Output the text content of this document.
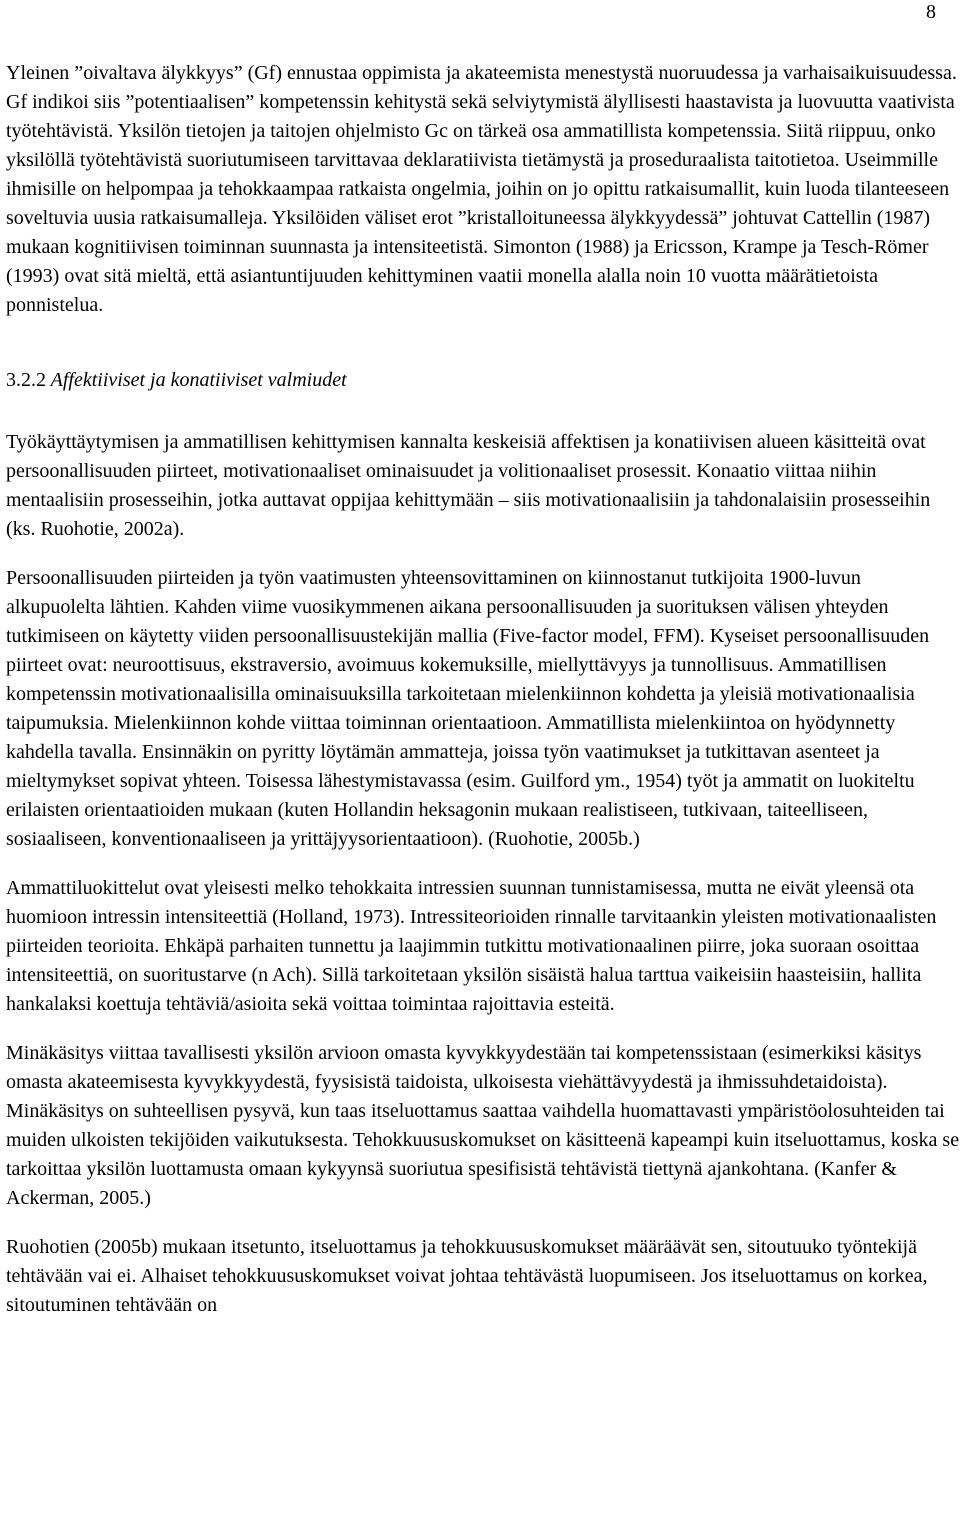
8

Yleinen ”oivaltava älykkyys” (Gf) ennustaa oppimista ja akateemista menestystä nuoruudessa ja varhaisaikuisuudessa. Gf indikoi siis ”potentiaalisen” kompetenssin kehitystä sekä selviytymistä älyllisesti haastavista ja luovuutta vaativista työtehtävistä. Yksilön tietojen ja taitojen ohjelmisto Gc on tärkeä osa ammatillista kompetenssia. Siitä riippuu, onko yksilöllä työtehtävistä suoriutumiseen tarvittavaa deklaratiivista tietämystä ja proseduraalista taitotietoa. Useimmille ihmisille on helpompaa ja tehokkaampaa ratkaista ongelmia, joihin on jo opittu ratkaisumallit, kuin luoda tilanteeseen soveltuvia uusia ratkaisumalleja. Yksilöiden väliset erot ”kristalloituneessa älykkyydessä” johtuvat Cattellin (1987) mukaan kognitiivisen toiminnan suunnasta ja intensiteetistä. Simonton (1988) ja Ericsson, Krampe ja Tesch-Römer (1993) ovat sitä mieltä, että asiantuntijuuden kehittyminen vaatii monella alalla noin 10 vuotta määrätietoista ponnistelua.

3.2.2 Affektiiviset ja konatiiviset valmiudet

Työkäyttäytymisen ja ammatillisen kehittymisen kannalta keskeisiä affektisen ja konatiivisen alueen käsitteitä ovat persoonallisuuden piirteet, motivationaaliset ominaisuudet ja volitionaaliset prosessit. Konaatio viittaa niihin mentaalisiin prosesseihin, jotka auttavat oppijaa kehittymään – siis motivationaalisiin ja tahdonalaisiin prosesseihin (ks. Ruohotie, 2002a).

Persoonallisuuden piirteiden ja työn vaatimusten yhteensovittaminen on kiinnostanut tutkijoita 1900-luvun alkupuolelta lähtien. Kahden viime vuosikymmenen aikana persoonallisuuden ja suorituksen välisen yhteyden tutkimiseen on käytetty viiden persoonallisuustekijän mallia (Five-factor model, FFM). Kyseiset persoonallisuuden piirteet ovat: neuroottisuus, ekstraversio, avoimuus kokemuksille, miellyttävyys ja tunnollisuus. Ammatillisen kompetenssin motivationaalisilla ominaisuuksilla tarkoitetaan mielenkiinnon kohdetta ja yleisiä motivationaalisia taipumuksia. Mielenkiinnon kohde viittaa toiminnan orientaatioon. Ammatillista mielenkiintoa on hyödynnetty kahdella tavalla. Ensinnäkin on pyritty löytämän ammatteja, joissa työn vaatimukset ja tutkittavan asenteet ja mieltymykset sopivat yhteen. Toisessa lähestymistavassa (esim. Guilford ym., 1954) työt ja ammatit on luokiteltu erilaisten orientaatioiden mukaan (kuten Hollandin heksagonin mukaan realistiseen, tutkivaan, taiteelliseen, sosiaaliseen, konventionaaliseen ja yrittäjyysorientaatioon). (Ruohotie, 2005b.)

Ammattiluokittelut ovat yleisesti melko tehokkaita intressien suunnan tunnistamisessa, mutta ne eivät yleensä ota huomioon intressin intensiteettiä (Holland, 1973). Intressiteorioiden rinnalle tarvitaankin yleisten motivationaalisten piirteiden teorioita. Ehkäpä parhaiten tunnettu ja laajimmin tutkittu motivationaalinen piirre, joka suoraan osoittaa intensiteettiä, on suoritustarve (n Ach). Sillä tarkoitetaan yksilön sisäistä halua tarttua vaikeisiin haasteisiin, hallita hankalaksi koettuja tehtäviä/asioita sekä voittaa toimintaa rajoittavia esteitä.

Minäkäsitys viittaa tavallisesti yksilön arvioon omasta kyvykkyydestään tai kompetenssistaan (esimerkiksi käsitys omasta akateemisesta kyvykkyydestä, fyysisistä taidoista, ulkoisesta viehättävyydestä ja ihmissuhdetaidoista). Minäkäsitys on suhteellisen pysyvä, kun taas itseluottamus saattaa vaihdella huomattavasti ympäristöolosuhteiden tai muiden ulkoisten tekijöiden vaikutuksesta. Tehokkuususkomukset on käsitteenä kapeampi kuin itseluottamus, koska se tarkoittaa yksilön luottamusta omaan kykyynsä suoriutua spesifisistä tehtävistä tiettynä ajankohtana. (Kanfer & Ackerman, 2005.)

Ruohotien (2005b) mukaan itsetunto, itseluottamus ja tehokkuususkomukset määräävät sen, sitoutuuko työntekijä tehtävään vai ei. Alhaiset tehokkuususkomukset voivat johtaa tehtävästä luopumiseen. Jos itseluottamus on korkea, sitoutuminen tehtävään on
